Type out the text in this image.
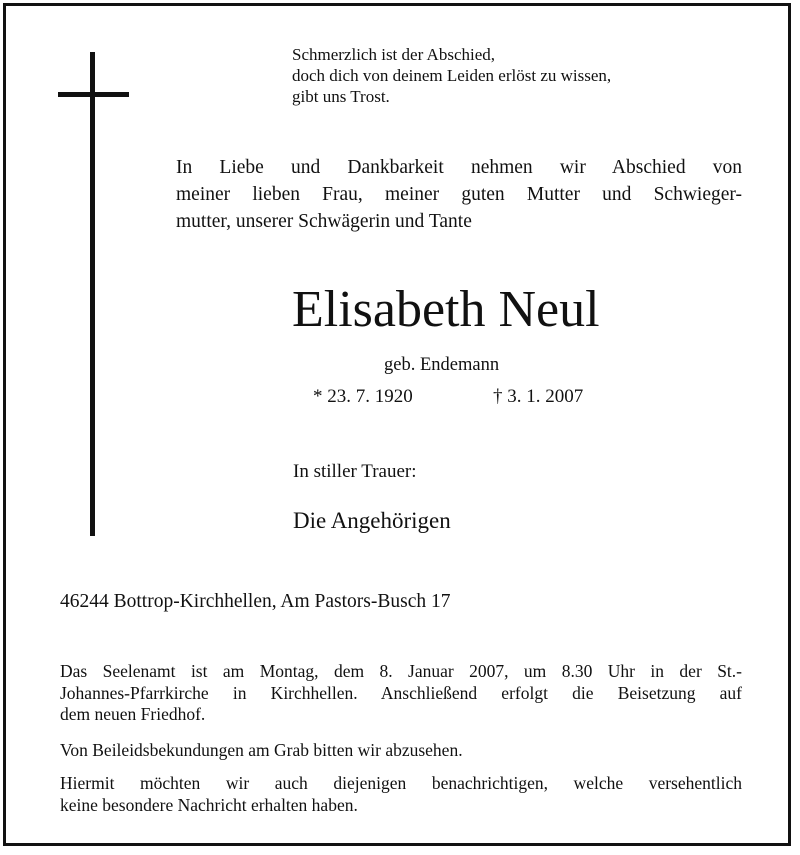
Schmerzlich ist der Abschied,
doch dich von deinem Leiden erlöst zu wissen,
gibt uns Trost.
In Liebe und Dankbarkeit nehmen wir Abschied von
meiner lieben Frau, meiner guten Mutter und Schwieger-
mutter, unserer Schwägerin und Tante
Elisabeth Neul
geb. Endemann
* 23. 7. 1920	† 3. 1. 2007
In stiller Trauer:
Die Angehörigen
46244 Bottrop-Kirchhellen, Am Pastors-Busch 17
Das Seelenamt ist am Montag, dem 8. Januar 2007, um 8.30 Uhr in der St.-
Johannes-Pfarrkirche in Kirchhellen. Anschließend erfolgt die Beisetzung auf
dem neuen Friedhof.
Von Beileidsbekundungen am Grab bitten wir abzusehen.
Hiermit möchten wir auch diejenigen benachrichtigen, welche versehentlich
keine besondere Nachricht erhalten haben.
